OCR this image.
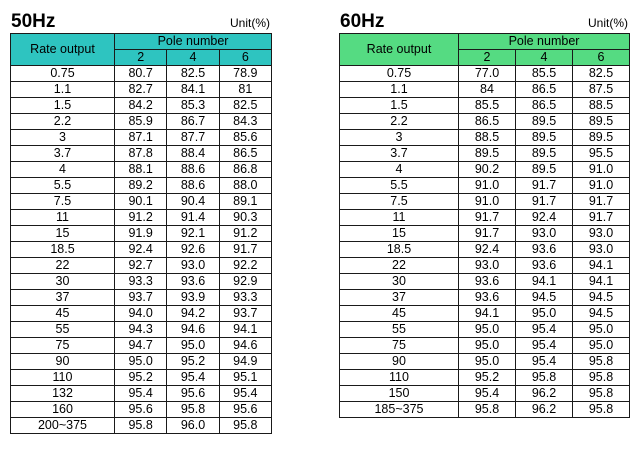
50Hz	Unit(%)
Rate output	Pole number		
	2	4	6
0.75	80.7	82.5	78.9
1.1	82.7	84.1	81
1.5	84.2	85.3	82.5
2.2	85.9	86.7	84.3
3	87.1	87.7	85.6
3.7	87.8	88.4	86.5
4	88.1	88.6	86.8
5.5	89.2	88.6	88.0
7.5	90.1	90.4	89.1
11	91.2	91.4	90.3
15	91.9	92.1	91.2
18.5	92.4	92.6	91.7
22	92.7	93.0	92.2
30	93.3	93.6	92.9
37	93.7	93.9	93.3
45	94.0	94.2	93.7
55	94.3	94.6	94.1
75	94.7	95.0	94.6
90	95.0	95.2	94.9
110	95.2	95.4	95.1
132	95.4	95.6	95.4
160	95.6	95.8	95.6
200~375	95.8	96.0	95.8
60Hz	Unit(%)
Rate output	Pole number		
	2	4	6
0.75	77.0	85.5	82.5
1.1	84	86.5	87.5
1.5	85.5	86.5	88.5
2.2	86.5	89.5	89.5
3	88.5	89.5	89.5
3.7	89.5	89.5	95.5
4	90.2	89.5	91.0
5.5	91.0	91.7	91.0
7.5	91.0	91.7	91.7
11	91.7	92.4	91.7
15	91.7	93.0	93.0
18.5	92.4	93.6	93.0
22	93.0	93.6	94.1
30	93.6	94.1	94.1
37	93.6	94.5	94.5
45	94.1	95.0	94.5
55	95.0	95.4	95.0
75	95.0	95.4	95.0
90	95.0	95.4	95.8
110	95.2	95.8	95.8
150	95.4	96.2	95.8
185~375	95.8	96.2	95.8
